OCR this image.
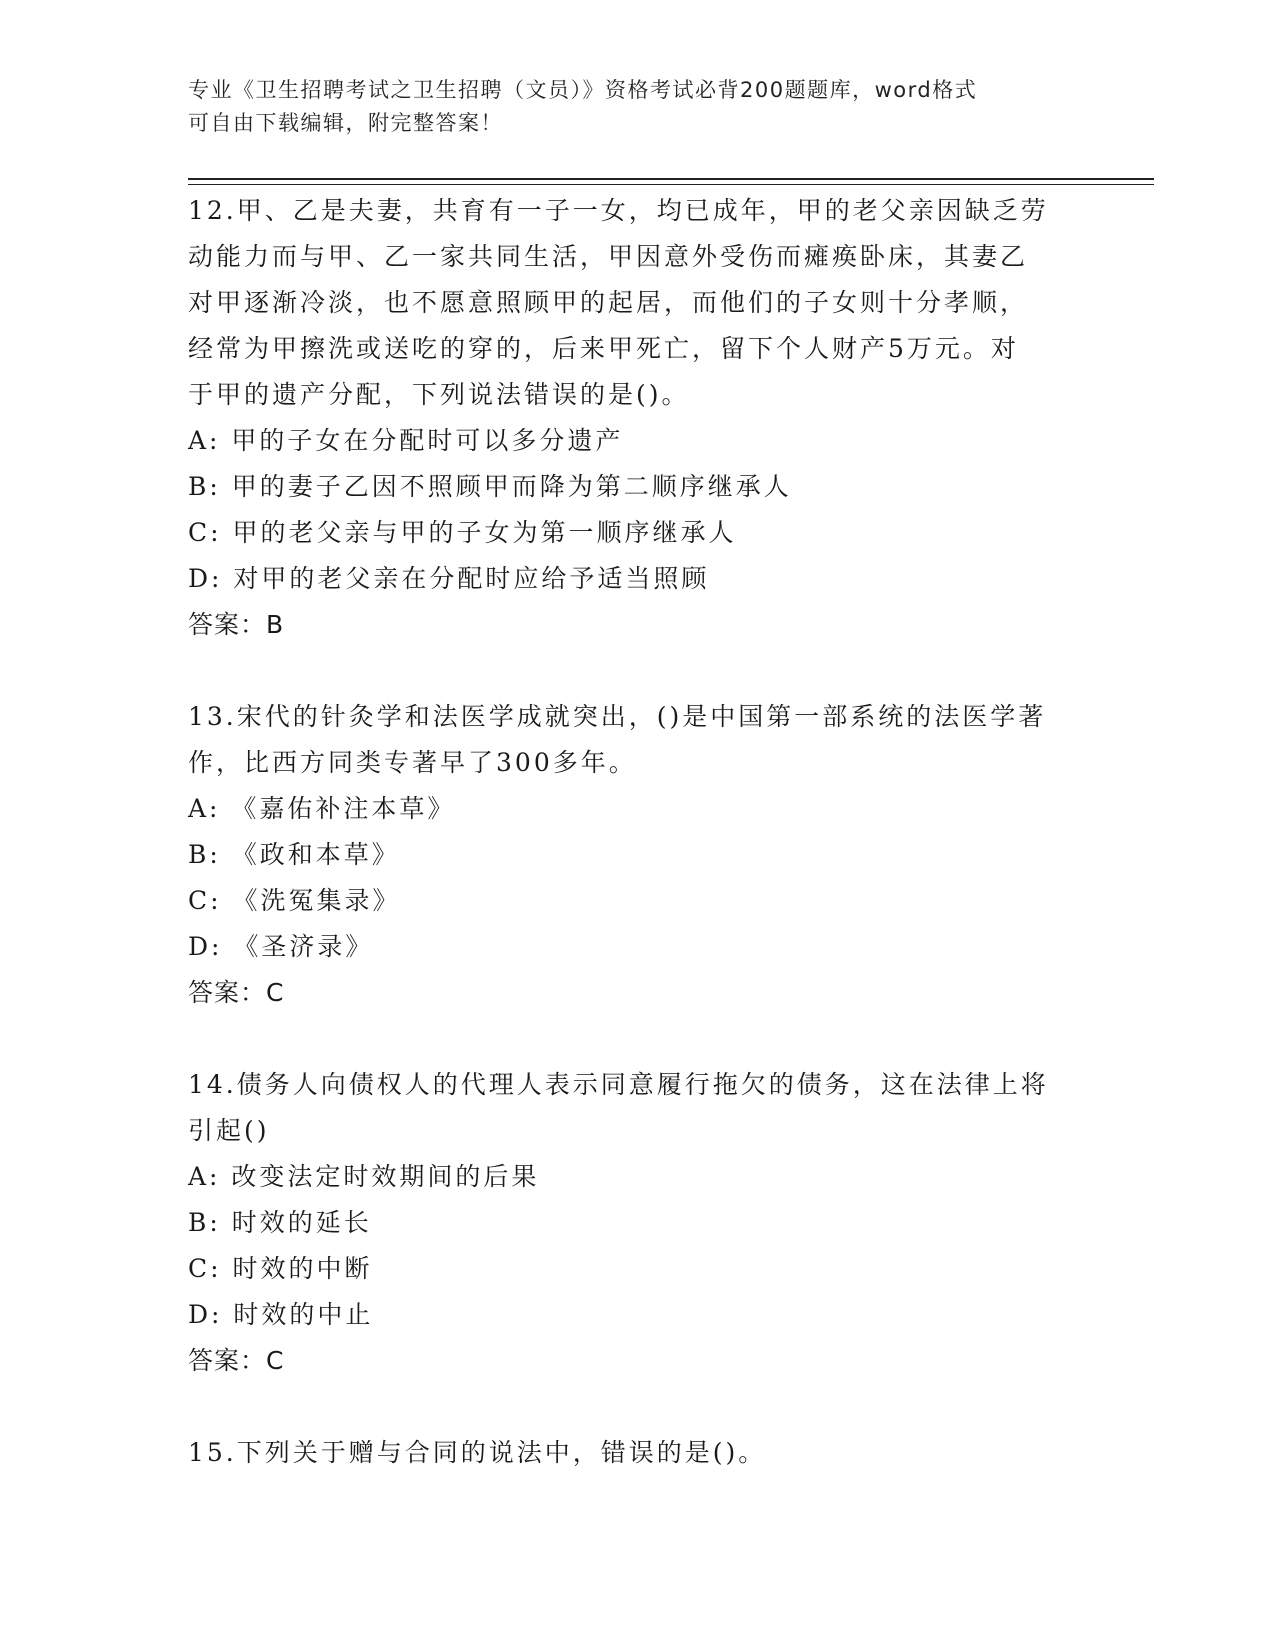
专业《卫生招聘考试之卫生招聘（文员）》资格考试必背200题题库，word格式
可自由下载编辑，附完整答案！
12.甲、乙是夫妻，共育有一子一女，均已成年，甲的老父亲因缺乏劳
动能力而与甲、乙一家共同生活，甲因意外受伤而瘫痪卧床，其妻乙
对甲逐渐冷淡，也不愿意照顾甲的起居，而他们的子女则十分孝顺，
经常为甲擦洗或送吃的穿的，后来甲死亡，留下个人财产5万元。对
于甲的遗产分配，下列说法错误的是()。
A: 甲的子女在分配时可以多分遗产
B: 甲的妻子乙因不照顾甲而降为第二顺序继承人
C: 甲的老父亲与甲的子女为第一顺序继承人
D: 对甲的老父亲在分配时应给予适当照顾
答案：B
13.宋代的针灸学和法医学成就突出，()是中国第一部系统的法医学著
作，比西方同类专著早了300多年。
A: 《嘉佑补注本草》
B: 《政和本草》
C: 《洗冤集录》
D: 《圣济录》
答案：C
14.债务人向债权人的代理人表示同意履行拖欠的债务，这在法律上将
引起()
A: 改变法定时效期间的后果
B: 时效的延长
C: 时效的中断
D: 时效的中止
答案：C
15.下列关于赠与合同的说法中，错误的是()。
